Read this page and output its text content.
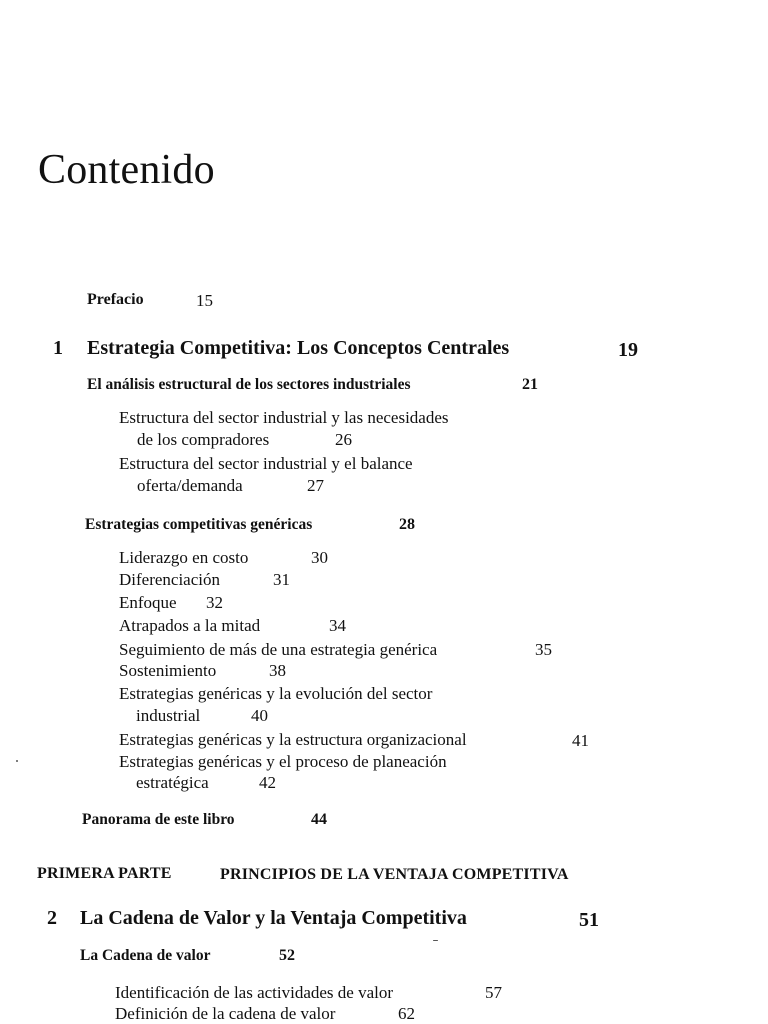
Contenido
Prefacio	15
1 Estrategia Competitiva: Los Conceptos Centrales	19
El análisis estructural de los sectores industriales	21
Estructura del sector industrial y las necesidades
de los compradores	26
Estructura del sector industrial y el balance
oferta/demanda	27
Estrategias competitivas genéricas	28
Liderazgo en costo	30
Diferenciación	31
Enfoque 32
Atrapados a la mitad	34
Seguimiento de más de una estrategia genérica	35
Sostenimiento	38
Estrategias genéricas y la evolución del sector
industrial	40
Estrategias genéricas y la estructura organizacional	41
Estrategias genéricas y el proceso de planeación
estratégica	42
Panorama de este libro	44
PRIMERA PARTE	PRINCIPIOS DE LA VENTAJA COMPETITIVA
2 La Cadena de Valor y la Ventaja Competitiva	51
La Cadena de valor	52
Identificación de las actividades de valor	57
Definición de la cadena de valor	62
